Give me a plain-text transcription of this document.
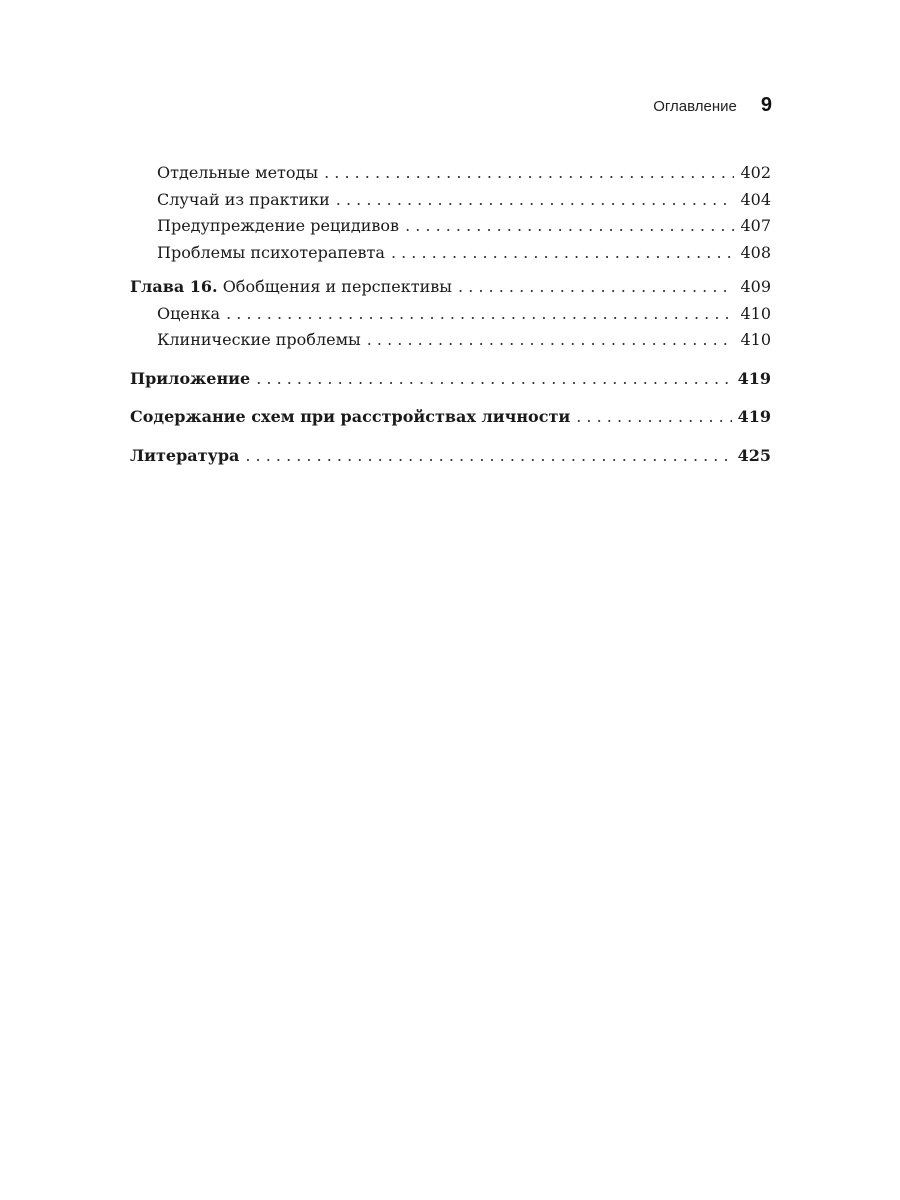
Оглавление 9
Отдельные методы . . .	402
Случай из практики . . .	404
Предупреждение рецидивов . . .	407
Проблемы психотерапевта . . .	408
Глава 16. Обобщения и перспективы . . .	409
Оценка . . .	410
Клинические проблемы . . .	410
Приложение . . .	419
Содержание схем при расстройствах личности . . .	419
Литература . . .	425
